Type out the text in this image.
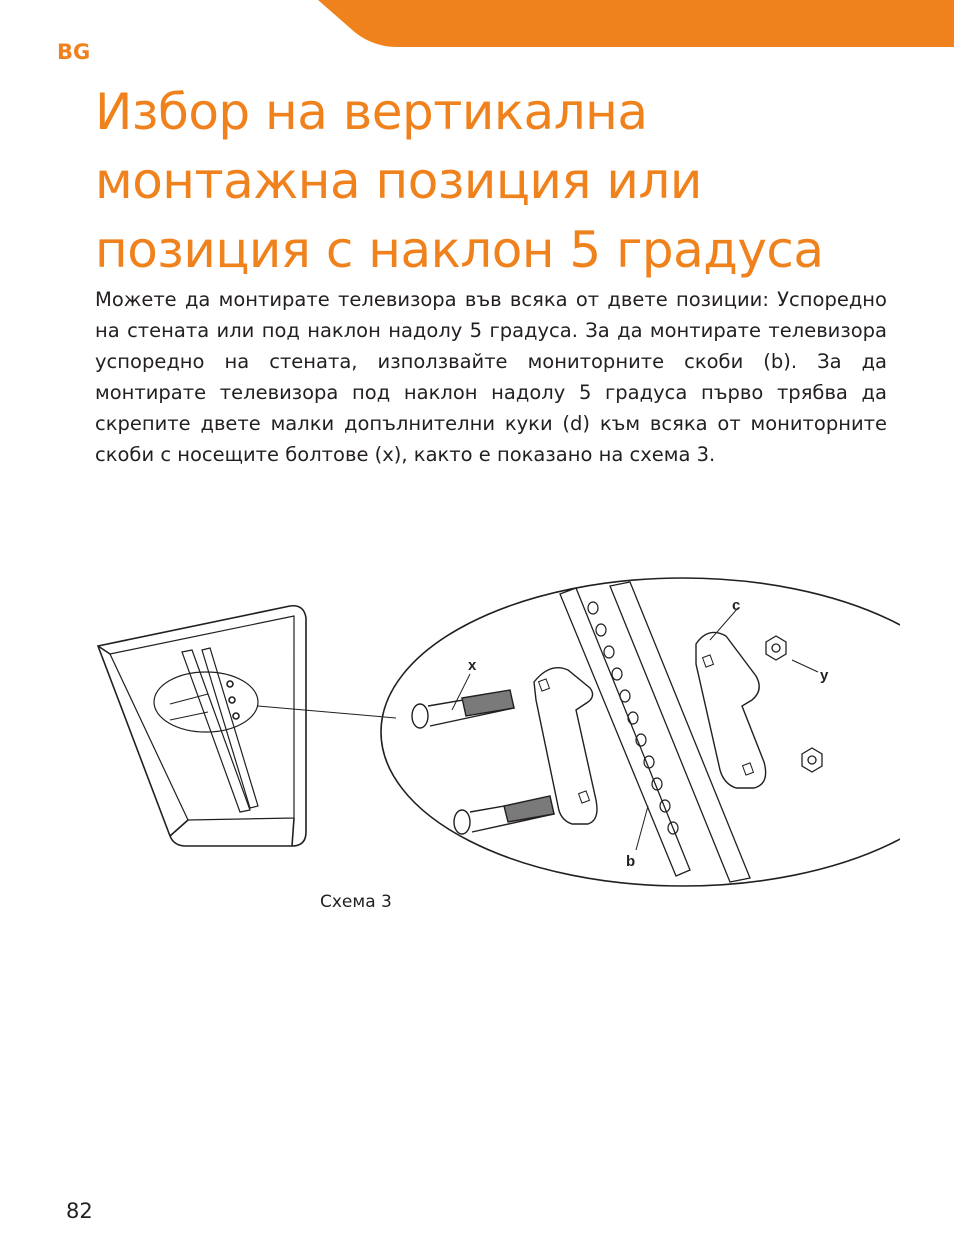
BG
Избор на вертикална
монтажна позиция или
позиция с наклон 5 градуса

Можете да монтирате телевизора във всяка от двете позиции: Успоредно на стената или под наклон надолу 5 градуса. За да монтирате телевизора успоредно на стената, използвайте мониторните скоби (b). За да монтирате телевизора под наклон надолу 5 градуса първо трябва да скрепите двете малки допълнителни куки (d) към всяка от мониторните скоби с носещите болтове (x), както е показано на схема 3.

x
c
y
b
Схема 3
82
